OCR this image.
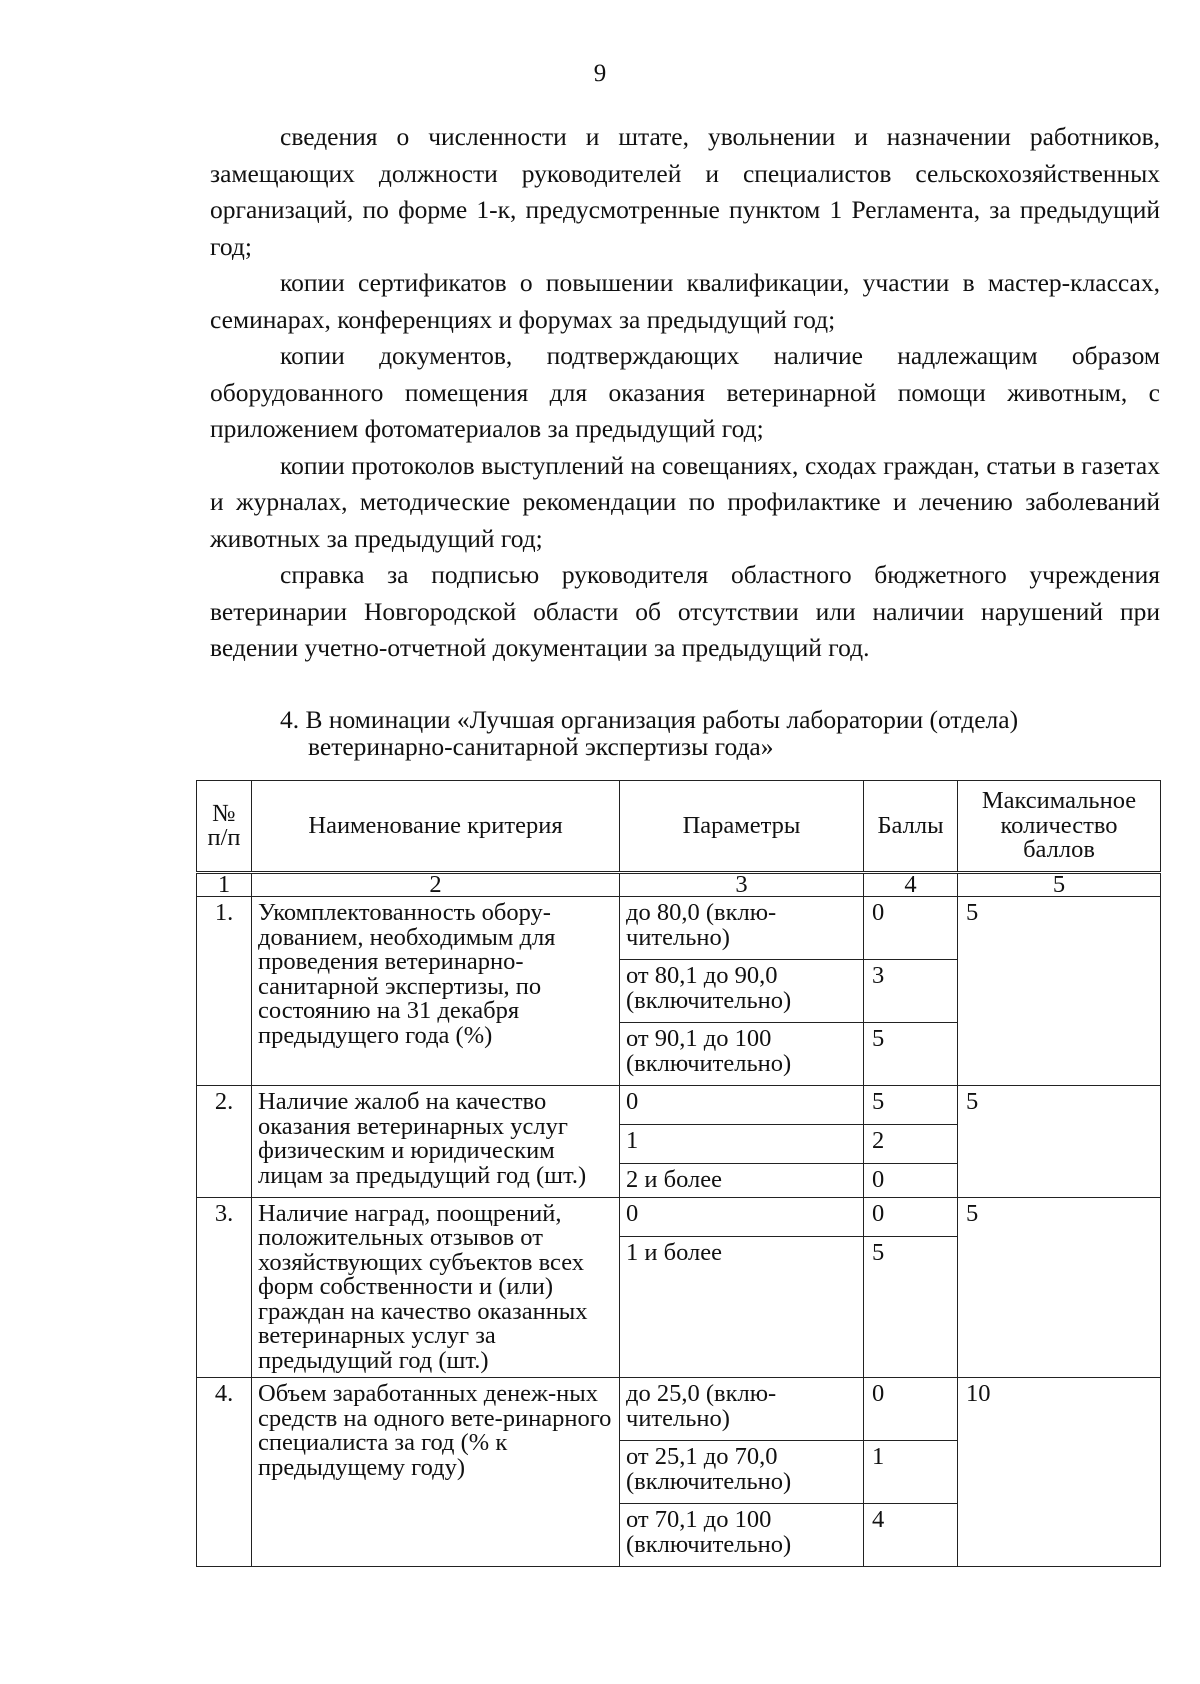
9

сведения о численности и штате, увольнении и назначении работников, замещающих должности руководителей и специалистов сельскохозяйственных организаций, по форме 1-к, предусмотренные пунктом 1 Регламента, за предыдущий год;

копии сертификатов о повышении квалификации, участии в мастер-классах, семинарах, конференциях и форумах за предыдущий год;

копии документов, подтверждающих наличие надлежащим образом оборудованного помещения для оказания ветеринарной помощи животным, с приложением фотоматериалов за предыдущий год;

копии протоколов выступлений на совещаниях, сходах граждан, статьи в газетах и журналах, методические рекомендации по профилактике и лечению заболеваний животных за предыдущий год;

справка за подписью руководителя областного бюджетного учреждения ветеринарии Новгородской области об отсутствии или наличии нарушений при ведении учетно-отчетной документации за предыдущий год.

4. В номинации «Лучшая организация работы лаборатории (отдела)

ветеринарно-санитарной экспертизы года»
№ п/п	Наименование критерия	Параметры	Баллы	Максимальное количество баллов
1	2	3	4	5
1.	Укомплектованность обору-дованием, необходимым для проведения ветеринарно-санитарной экспертизы, по состоянию на 31 декабря предыдущего года (%)	до 80,0 (вклю-чительно)	0	5
		от 80,1 до 90,0 (включительно)	3	
		от 90,1 до 100 (включительно)	5	
2.	Наличие жалоб на качество оказания ветеринарных услуг физическим и юридическим лицам за предыдущий год (шт.)	0	5	5
		1	2	
		2 и более	0	
3.	Наличие наград, поощрений, положительных отзывов от хозяйствующих субъектов всех форм собственности и (или) граждан на качество оказанных ветеринарных услуг за предыдущий год (шт.)	0	0	5
		1 и более	5	
4.	Объем заработанных денеж-ных средств на одного вете-ринарного специалиста за год (% к предыдущему году)	до 25,0 (вклю-чительно)	0	10
		от 25,1 до 70,0 (включительно)	1	
		от 70,1 до 100 (включительно)	4	
